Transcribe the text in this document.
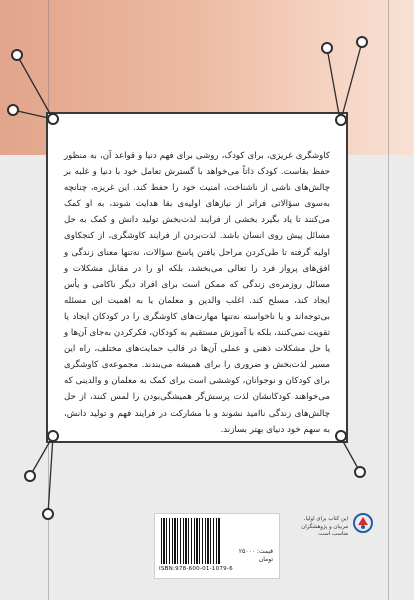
کاوشگری غریزی، برای کودک، روشی برای فهم دنیا و قواعد آن، به منظور حفظ بقاست. کودک ذاتاً می‌خواهد با گسترش تعامل خود با دنیا و غلبه بر چالش‌های ناشی از ناشناخت، امنیت خود را حفظ کند. این غریزه، چنانچه به‌سوی سؤالاتی فراتر از نیازهای اولیه‌ی بقا هدایت شوند، به او کمک می‌کنند تا یاد بگیرد بخشی از فرایند لذت‌بخش تولید دانش و کمک به حل مسائل پیش روی انسان باشد. لذت‌بردن از فرایند کاوشگری، از کنجکاوی اولیه گرفته تا طی‌کردن مراحل یافتن پاسخ سؤالات، نه‌تنها معنای زندگی و افق‌های پرواز فرد را تعالی می‌بخشد، بلکه او را در مقابل مشکلات و مسائل روزمره‌ی زندگی که ممکن است برای افراد دیگر ناکامی و یأس ایجاد کند، مسلح کند. اغلب والدین و معلمان یا به اهمیت این مسئله بی‌توجه‌اند و یا ناخواسته نه‌تنها مهارت‌های کاوشگری را در کودکان ایجاد یا تقویت نمی‌کنند، بلکه با آموزش مستقیم به کودکان، فکرکردن به‌جای آن‌ها و یا حل مشکلات ذهنی و عملی آن‌ها در قالب حمایت‌های مختلف، راه این مسیر لذت‌بخش و ضروری را برای همیشه می‌بندند. مجموعه‌ی کاوشگری برای کودکان و نوجوانان، کوششی است برای کمک به معلمان و والدینی که می‌خواهند کودکانشان لذت پرسش‌گر همیشگی‌بودن را لمس کنند، از حل چالش‌های زندگی ناامید نشوند و با مشارکت در فرایند فهم و تولید دانش، به سهم خود دنیای بهتر بسازند.

ISBN:978-600-01-1079-6
قیمت: ۲۵۰۰۰ تومان
این کتاب برای اولیا، مربیان و پژوهشگران مناسب است.
